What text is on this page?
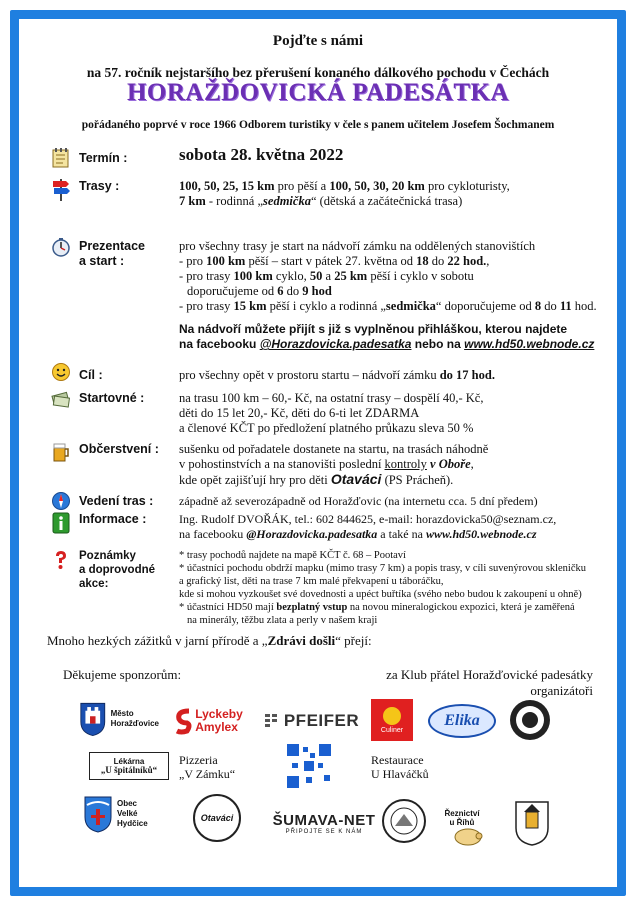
Pojďte s námi
na 57. ročník nejstaršího bez přerušení konaného dálkového pochodu v Čechách
HORAŽĎOVICKÁ PADESÁTKA
pořádaného poprvé v roce 1966 Odborem turistiky v čele s panem učitelem Josefem Šochmanem
Termín :	sobota 28. května 2022
Trasy :	100, 50, 25, 15 km pro pěší a 100, 50, 30, 20 km pro cykloturisty,
7 km - rodinná „sedmička“ (dětská a začátečnická trasa)
Prezentace
a start :
pro všechny trasy je start na nádvoří zámku na oddělených stanovištích
- pro 100 km pěší – start v pátek 27. května od 18 do 22 hod.,
- pro trasy 100 km cyklo, 50 a 25 km pěší i cyklo v sobotu
doporučujeme od 6 do 9 hod
- pro trasy 15 km pěší i cyklo a rodinná „sedmička“ doporučujeme od 8 do 11 hod.
Na nádvoří můžete přijít s již s vyplněnou přihláškou, kterou najdete
na facebooku @Horazdovicka.padesatka nebo na www.hd50.webnode.cz
Cíl :	pro všechny opět v prostoru startu – nádvoří zámku do 17 hod.
Startovné :	na trasu 100 km – 60,- Kč, na ostatní trasy – dospělí 40,- Kč,
děti do 15 let 20,- Kč, děti do 6-ti let ZDARMA
a členové KČT po předložení platného průkazu sleva 50 %
Občerstvení : sušenku od pořadatele dostanete na startu, na trasách náhodně
v pohostinstvích a na stanovišti poslední kontroly v Oboře,
kde opět zajišťují hry pro děti Otaváci (PS Prácheň).
Vedení tras : západně až severozápadně od Horažďovic (na internetu cca. 5 dní předem)
Informace :	Ing. Rudolf DVOŘÁK, tel.: 602 844625, e-mail: horazdovicka50@seznam.cz,
na facebooku @Horazdovicka.padesatka a také na www.hd50.webnode.cz
Poznámky
a doprovodné
akce:
* trasy pochodů najdete na mapě KČT č. 68 – Pootaví
* účastníci pochodu obdrží mapku (mimo trasy 7 km) a popis trasy, v cíli suvenýrovou skleničku
a grafický list, děti na trase 7 km malé překvapení u táboráčku,
kde si mohou vyzkoušet své dovednosti a upéct buřtíka (svého nebo budou k zakoupení u ohně)
* účastníci HD50 mají bezplatný vstup na novou mineralogickou expozici, která je zaměřená
na minerály, těžbu zlata a perly v našem kraji
Mnoho hezkých zážitků v jarní přírodě a „Zdrávi došli“ přejí:
Děkujeme sponzorům:	za Klub přátel Horažďovické padesátky
organizátoři
Město
Horažďovice
Lyckeby
Amylex	PFEIFER	Culiner
Elika
Lékárna
„U špitálníků“
Pizzeria
„V Zámku“
Restaurace
U Hlaváčků
Obec
Velké
Hydčice
Otaváci	ŠUMAVA-NET
PŘIPOJTE SE K NÁM
Řeznictví
u Říhů
